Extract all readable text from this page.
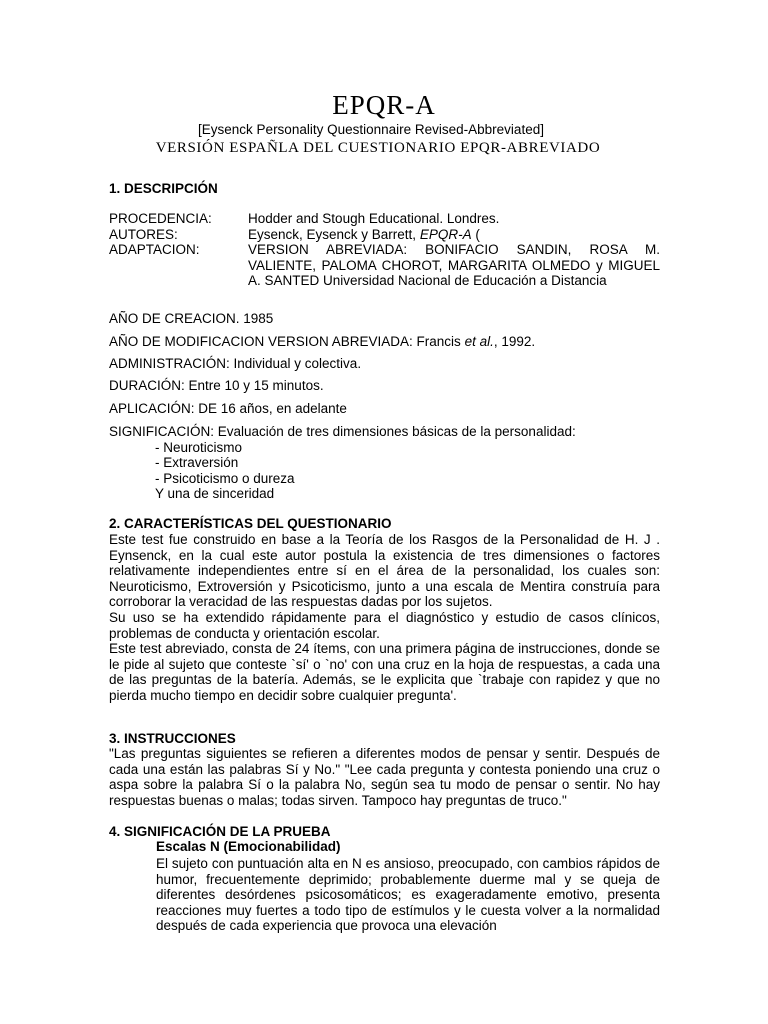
EPQR-A
[Eysenck Personality Questionnaire Revised-Abbreviated]
VERSIÓN ESPAÑLA DEL CUESTIONARIO EPQR-ABREVIADO
1. DESCRIPCIÓN
PROCEDENCIA:	Hodder and Stough Educational. Londres.
AUTORES:	Eysenck, Eysenck y Barrett, EPQR-A (
ADAPTACION:	VERSION ABREVIADA: BONIFACIO SANDIN, ROSA M. VALIENTE, PALOMA CHOROT, MARGARITA OLMEDO y MIGUEL A. SANTED Universidad Nacional de Educación a Distancia
AÑO DE CREACION. 1985
AÑO DE MODIFICACION VERSION ABREVIADA: Francis et al., 1992.
ADMINISTRACIÓN: Individual y colectiva.
DURACIÓN: Entre 10 y 15 minutos.
APLICACIÓN: DE 16 años, en adelante
SIGNIFICACIÓN: Evaluación de tres dimensiones básicas de la personalidad:
- Neuroticismo
- Extraversión
- Psicoticismo o dureza
Y una de sinceridad
2. CARACTERÍSTICAS DEL QUESTIONARIO

Este test fue construido en base a la Teoría de los Rasgos de la Personalidad de H. J . Eynsenck, en la cual este autor postula la existencia de tres dimensiones o factores relativamente independientes entre sí en el área de la personalidad, los cuales son: Neuroticismo, Extroversión y Psicoticismo, junto a una escala de Mentira construía para corroborar la veracidad de las respuestas dadas por los sujetos.

Su uso se ha extendido rápidamente para el diagnóstico y estudio de casos clínicos, problemas de conducta y orientación escolar.

Este test abreviado, consta de 24 ítems, con una primera página de instrucciones, donde se le pide al sujeto que conteste `sí' o `no' con una cruz en la hoja de respuestas, a cada una de las preguntas de la batería. Además, se le explicita que `trabaje con rapidez y que no pierda mucho tiempo en decidir sobre cualquier pregunta'.

3. INSTRUCCIONES

"Las preguntas siguientes se refieren a diferentes modos de pensar y sentir. Después de cada una están las palabras Sí y No." "Lee cada pregunta y contesta poniendo una cruz o aspa sobre la palabra Sí o la palabra No, según sea tu modo de pensar o sentir. No hay respuestas buenas o malas; todas sirven. Tampoco hay preguntas de truco."

4. SIGNIFICACIÓN DE LA PRUEBA
Escalas N (Emocionabilidad)
El sujeto con puntuación alta en N es ansioso, preocupado, con cambios rápidos de humor, frecuentemente deprimido; probablemente duerme mal y se queja de diferentes desórdenes psicosomáticos; es exageradamente emotivo, presenta reacciones muy fuertes a todo tipo de estímulos y le cuesta volver a la normalidad después de cada experiencia que provoca una elevación
